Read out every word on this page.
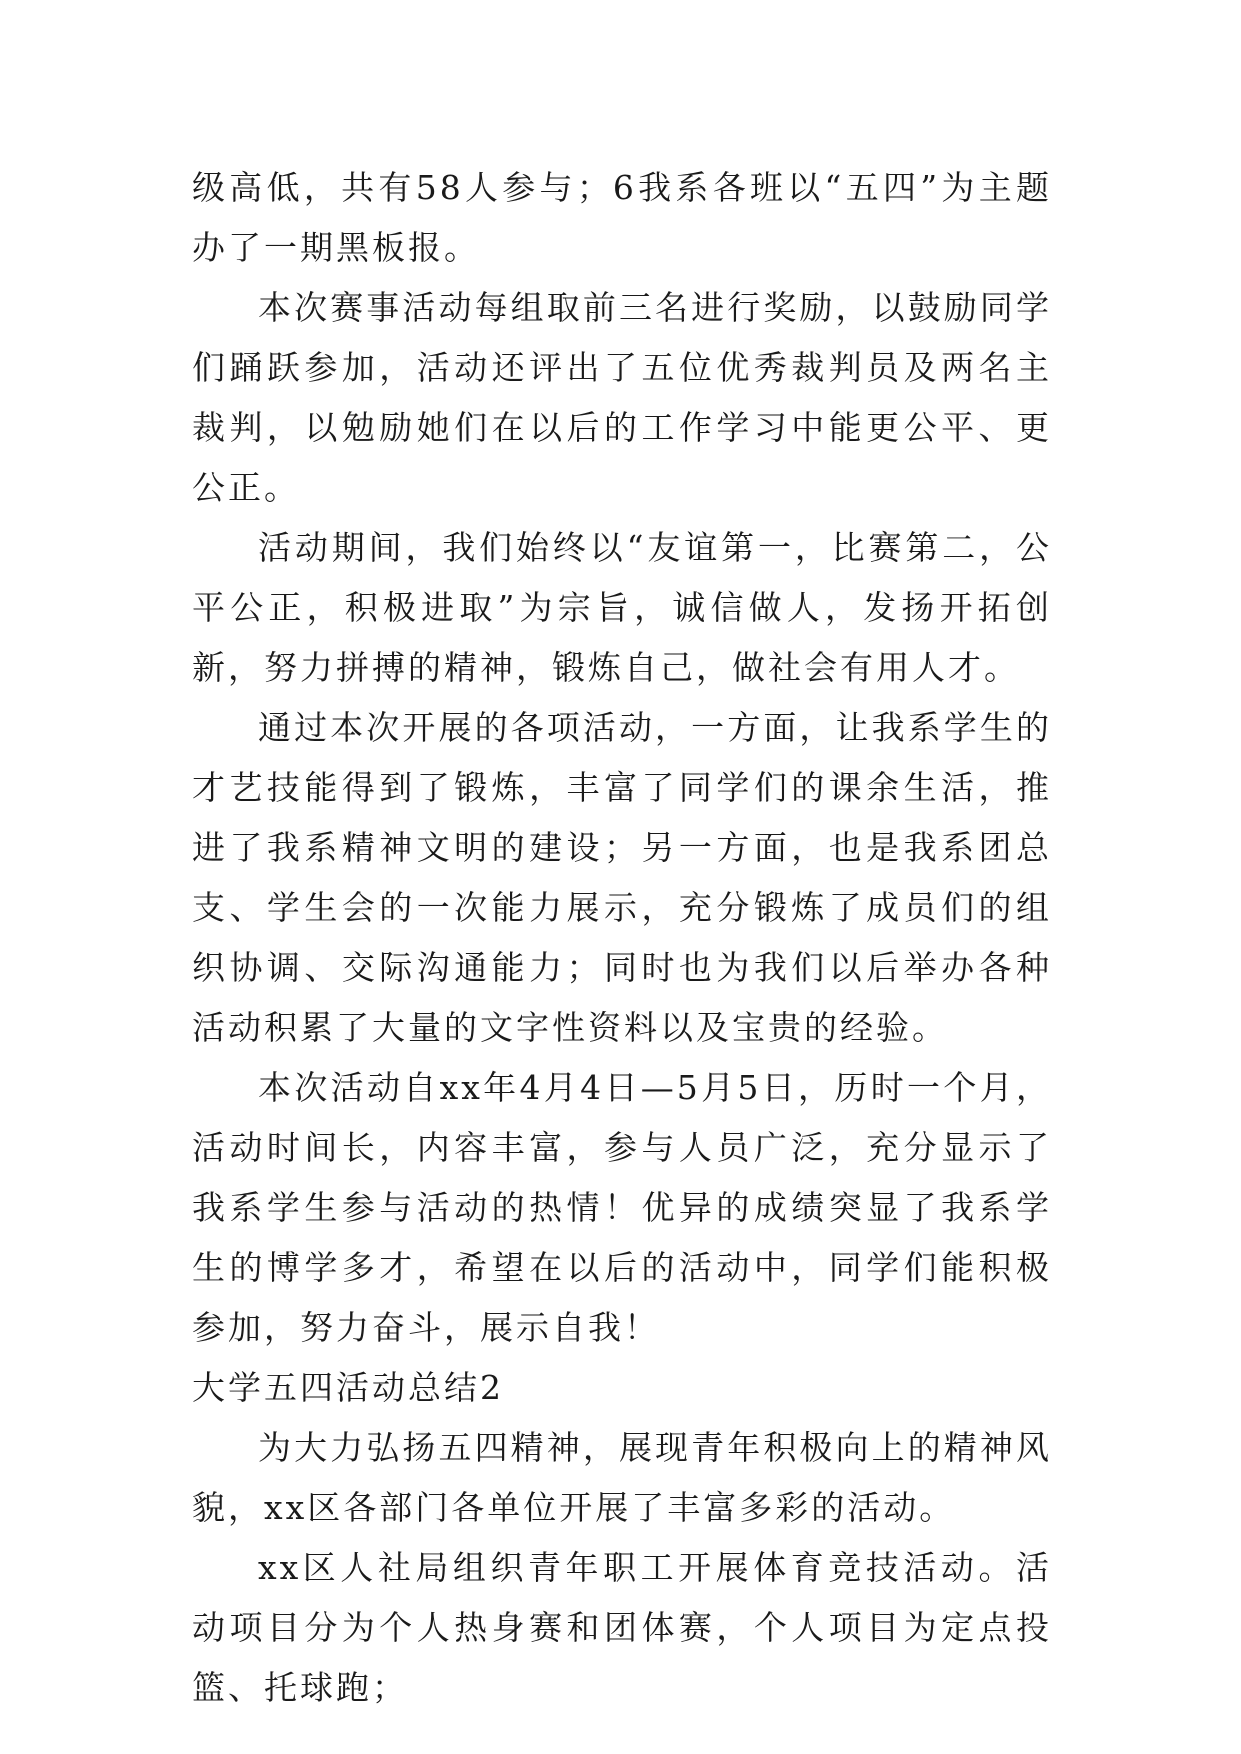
级高低，共有58人参与；6我系各班以“五四”为主题办了一期黑板报。

本次赛事活动每组取前三名进行奖励，以鼓励同学们踊跃参加，活动还评出了五位优秀裁判员及两名主裁判，以勉励她们在以后的工作学习中能更公平、更公正。

活动期间，我们始终以“友谊第一，比赛第二，公平公正，积极进取”为宗旨，诚信做人，发扬开拓创新，努力拼搏的精神，锻炼自己，做社会有用人才。

通过本次开展的各项活动，一方面，让我系学生的才艺技能得到了锻炼，丰富了同学们的课余生活，推进了我系精神文明的建设；另一方面，也是我系团总支、学生会的一次能力展示，充分锻炼了成员们的组织协调、交际沟通能力；同时也为我们以后举办各种活动积累了大量的文字性资料以及宝贵的经验。

本次活动自xx年4月4日—5月5日，历时一个月，活动时间长，内容丰富，参与人员广泛，充分显示了我系学生参与活动的热情！优异的成绩突显了我系学生的博学多才，希望在以后的活动中，同学们能积极参加，努力奋斗，展示自我！

大学五四活动总结2

为大力弘扬五四精神，展现青年积极向上的精神风貌，xx区各部门各单位开展了丰富多彩的活动。

xx区人社局组织青年职工开展体育竞技活动。活动项目分为个人热身赛和团体赛，个人项目为定点投篮、托球跑；
